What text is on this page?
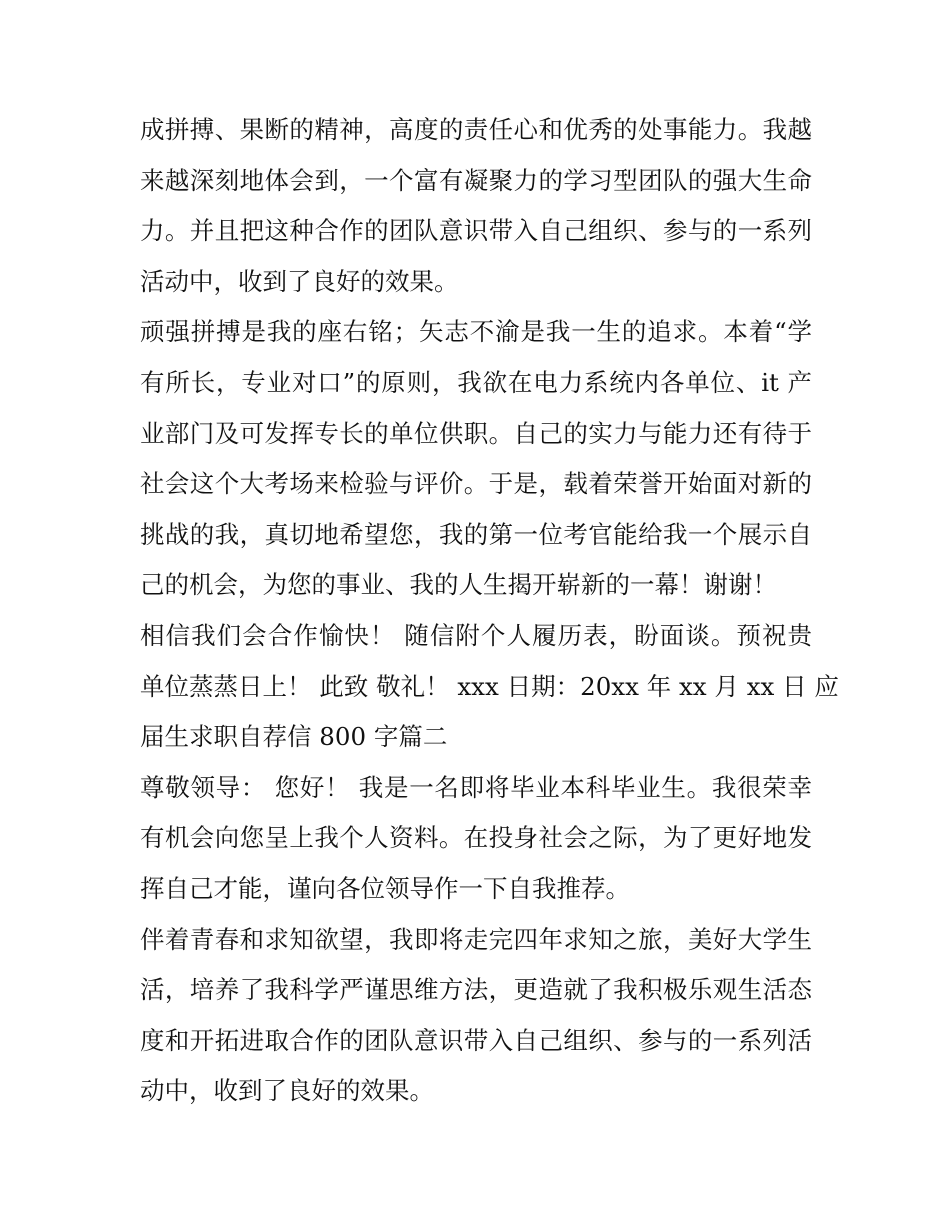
成拼搏、果断的精神，高度的责任心和优秀的处事能力。我越
来越深刻地体会到，一个富有凝聚力的学习型团队的强大生命
力。并且把这种合作的团队意识带入自己组织、参与的一系列
活动中，收到了良好的效果。
顽强拼搏是我的座右铭；矢志不渝是我一生的追求。本着“学
有所长，专业对口”的原则，我欲在电力系统内各单位、it 产
业部门及可发挥专长的单位供职。自己的实力与能力还有待于
社会这个大考场来检验与评价。于是，载着荣誉开始面对新的
挑战的我，真切地希望您，我的第一位考官能给我一个展示自
己的机会，为您的事业、我的人生揭开崭新的一幕！谢谢！
相信我们会合作愉快！ 随信附个人履历表，盼面谈。预祝贵
单位蒸蒸日上！ 此致 敬礼！ xxx 日期：20xx 年 xx 月 xx 日 应
届生求职自荐信 800 字篇二
尊敬领导： 您好！ 我是一名即将毕业本科毕业生。我很荣幸
有机会向您呈上我个人资料。在投身社会之际，为了更好地发
挥自己才能，谨向各位领导作一下自我推荐。
伴着青春和求知欲望，我即将走完四年求知之旅，美好大学生
活，培养了我科学严谨思维方法，更造就了我积极乐观生活态
度和开拓进取合作的团队意识带入自己组织、参与的一系列活
动中，收到了良好的效果。
